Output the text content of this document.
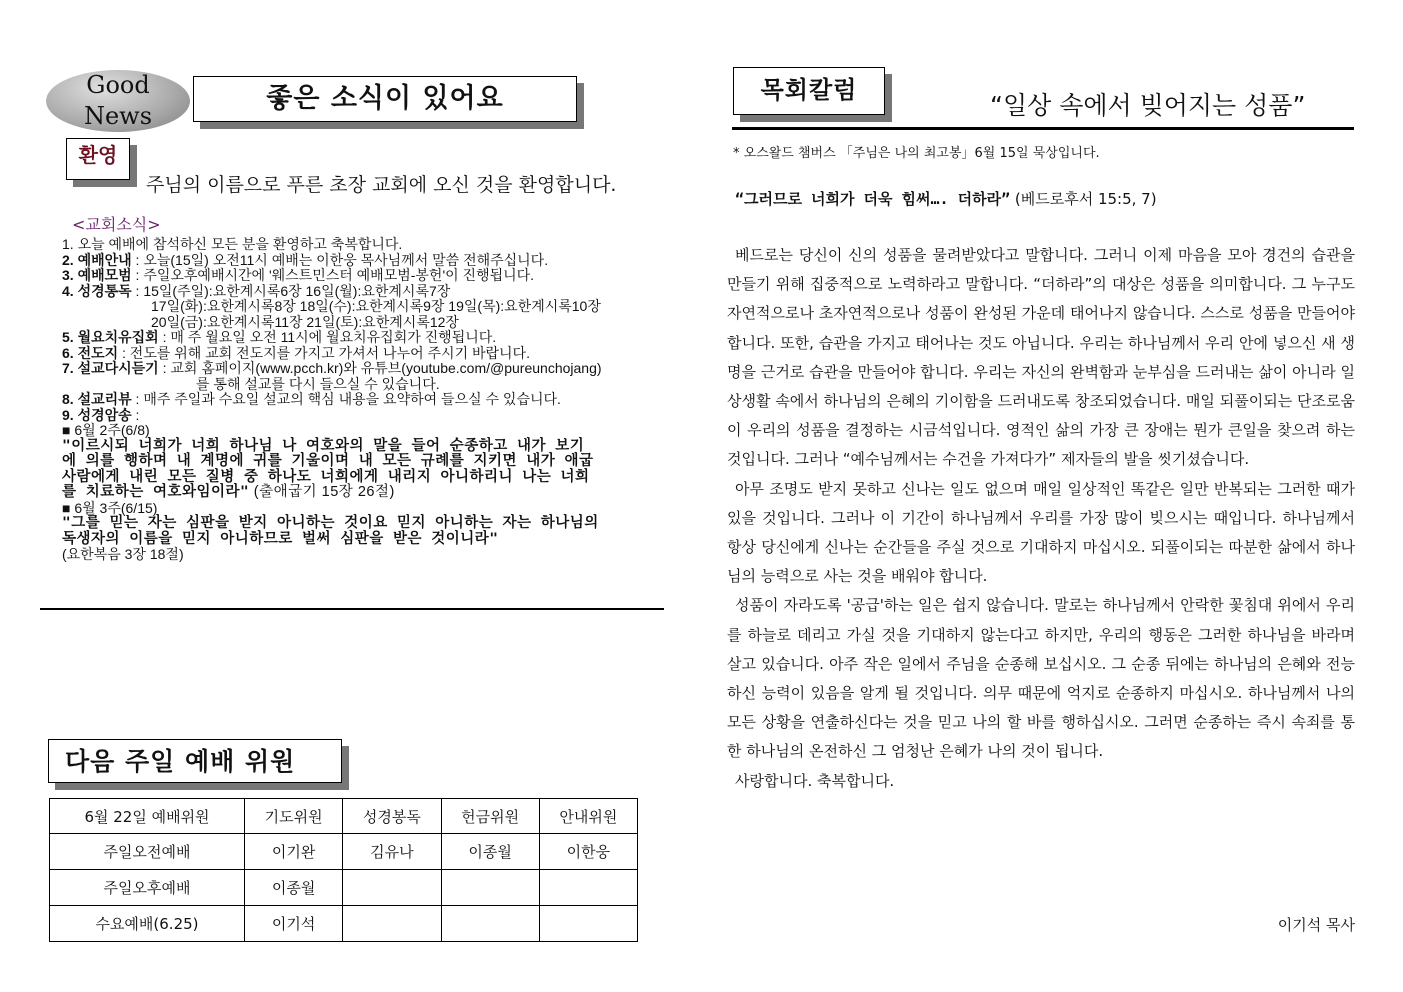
Good
News
좋은 소식이 있어요
환영
주님의 이름으로 푸른 초장 교회에 오신 것을 환영합니다.
<교회소식>
1. 오늘 예배에 참석하신 모든 분을 환영하고 축복합니다.
2. 예배안내 : 오늘(15일) 오전11시 예배는 이한웅 목사님께서 말씀 전해주십니다.
3. 예배모범 : 주일오후예배시간에 '웨스트민스터 예배모범-봉헌'이 진행됩니다.
4. 성경통독 : 15일(주일):요한계시록6장 16일(월):요한계시록7장
17일(화):요한계시록8장 18일(수):요한계시록9장 19일(목):요한계시록10장
20일(금):요한계시록11장 21일(토):요한계시록12장
5. 월요치유집회 : 매 주 월요일 오전 11시에 월요치유집회가 진행됩니다.
6. 전도지 : 전도를 위해 교회 전도지를 가지고 가셔서 나누어 주시기 바랍니다.
7. 설교다시듣기 : 교회 홈페이지(www.pcch.kr)와 유튜브(youtube.com/@pureunchojang)
를 통해 설교를 다시 들으실 수 있습니다.
8. 설교리뷰 : 매주 주일과 수요일 설교의 핵심 내용을 요약하여 들으실 수 있습니다.
9. 성경암송 :
■ 6월 2주(6/8)
"이르시되 너희가 너희 하나님 나 여호와의 말을 들어 순종하고 내가 보기
에 의를 행하며 내 계명에 귀를 기울이며 내 모든 규례를 지키면 내가 애굽
사람에게 내린 모든 질병 중 하나도 너희에게 내리지 아니하리니 나는 너희
를 치료하는 여호와임이라" (출애굽기 15장 26절)
■ 6월 3주(6/15)
"그를 믿는 자는 심판을 받지 아니하는 것이요 믿지 아니하는 자는 하나님의
독생자의 이름을 믿지 아니하므로 벌써 심판을 받은 것이니라"
(요한복음 3장 18절)
다음 주일 예배 위원
6월 22일 예배위원	기도위원	성경봉독	헌금위원	안내위원
주일오전예배	이기완	김유나	이종월	이한웅
주일오후예배	이종월			
수요예배(6.25)	이기석			
목회칼럼
“일상 속에서 빚어지는 성품”
* 오스왈드 챔버스 「주님은 나의 최고봉」6월 15일 묵상입니다.
“그러므로 너희가 더욱 힘써…. 더하라” (베드로후서 15:5, 7)

베드로는 당신이 신의 성품을 물려받았다고 말합니다. 그러니 이제 마음을 모아 경건의 습관을 만들기 위해 집중적으로 노력하라고 말합니다. “더하라”의 대상은 성품을 의미합니다. 그 누구도 자연적으로나 초자연적으로나 성품이 완성된 가운데 태어나지 않습니다. 스스로 성품을 만들어야 합니다. 또한, 습관을 가지고 태어나는 것도 아닙니다. 우리는 하나님께서 우리 안에 넣으신 새 생명을 근거로 습관을 만들어야 합니다. 우리는 자신의 완벽함과 눈부심을 드러내는 삶이 아니라 일상생활 속에서 하나님의 은혜의 기이함을 드러내도록 창조되었습니다. 매일 되풀이되는 단조로움이 우리의 성품을 결정하는 시금석입니다. 영적인 삶의 가장 큰 장애는 뭔가 큰일을 찾으려 하는 것입니다. 그러나 “예수님께서는 수건을 가져다가” 제자들의 발을 씻기셨습니다.

아무 조명도 받지 못하고 신나는 일도 없으며 매일 일상적인 똑같은 일만 반복되는 그러한 때가 있을 것입니다. 그러나 이 기간이 하나님께서 우리를 가장 많이 빚으시는 때입니다. 하나님께서 항상 당신에게 신나는 순간들을 주실 것으로 기대하지 마십시오. 되풀이되는 따분한 삶에서 하나님의 능력으로 사는 것을 배워야 합니다.

성품이 자라도록 '공급'하는 일은 쉽지 않습니다. 말로는 하나님께서 안락한 꽃침대 위에서 우리를 하늘로 데리고 가실 것을 기대하지 않는다고 하지만, 우리의 행동은 그러한 하나님을 바라며 살고 있습니다. 아주 작은 일에서 주님을 순종해 보십시오. 그 순종 뒤에는 하나님의 은혜와 전능하신 능력이 있음을 알게 될 것입니다. 의무 때문에 억지로 순종하지 마십시오. 하나님께서 나의 모든 상황을 연출하신다는 것을 믿고 나의 할 바를 행하십시오. 그러면 순종하는 즉시 속죄를 통한 하나님의 온전하신 그 엄청난 은혜가 나의 것이 됩니다.

사랑합니다. 축복합니다.

이기석 목사
